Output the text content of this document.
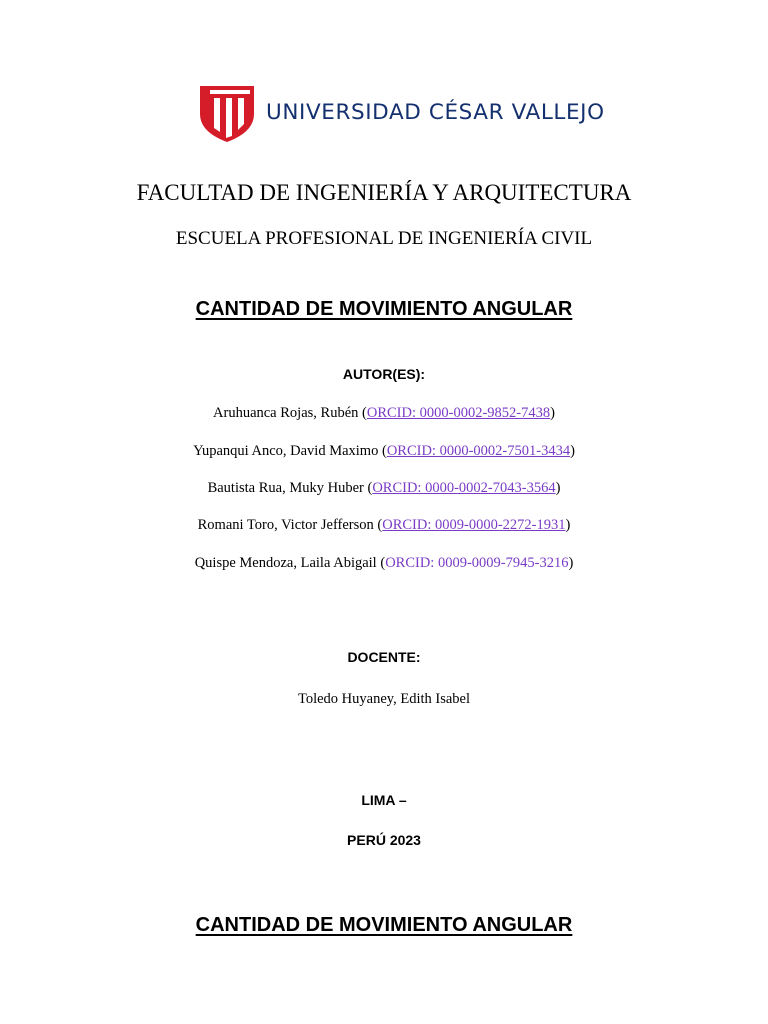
UNIVERSIDAD CÉSAR VALLEJO
FACULTAD DE INGENIERÍA Y ARQUITECTURA
ESCUELA PROFESIONAL DE INGENIERÍA CIVIL
CANTIDAD DE MOVIMIENTO ANGULAR
AUTOR(ES):
Aruhuanca Rojas, Rubén (ORCID: 0000-0002-9852-7438)
Yupanqui Anco, David Maximo (ORCID: 0000-0002-7501-3434)
Bautista Rua, Muky Huber (ORCID: 0000-0002-7043-3564)
Romani Toro, Victor Jefferson (ORCID: 0009-0000-2272-1931)
Quispe Mendoza, Laila Abigail (ORCID: 0009-0009-7945-3216)
DOCENTE:
Toledo Huyaney, Edith Isabel
LIMA –
PERÚ 2023
CANTIDAD DE MOVIMIENTO ANGULAR
